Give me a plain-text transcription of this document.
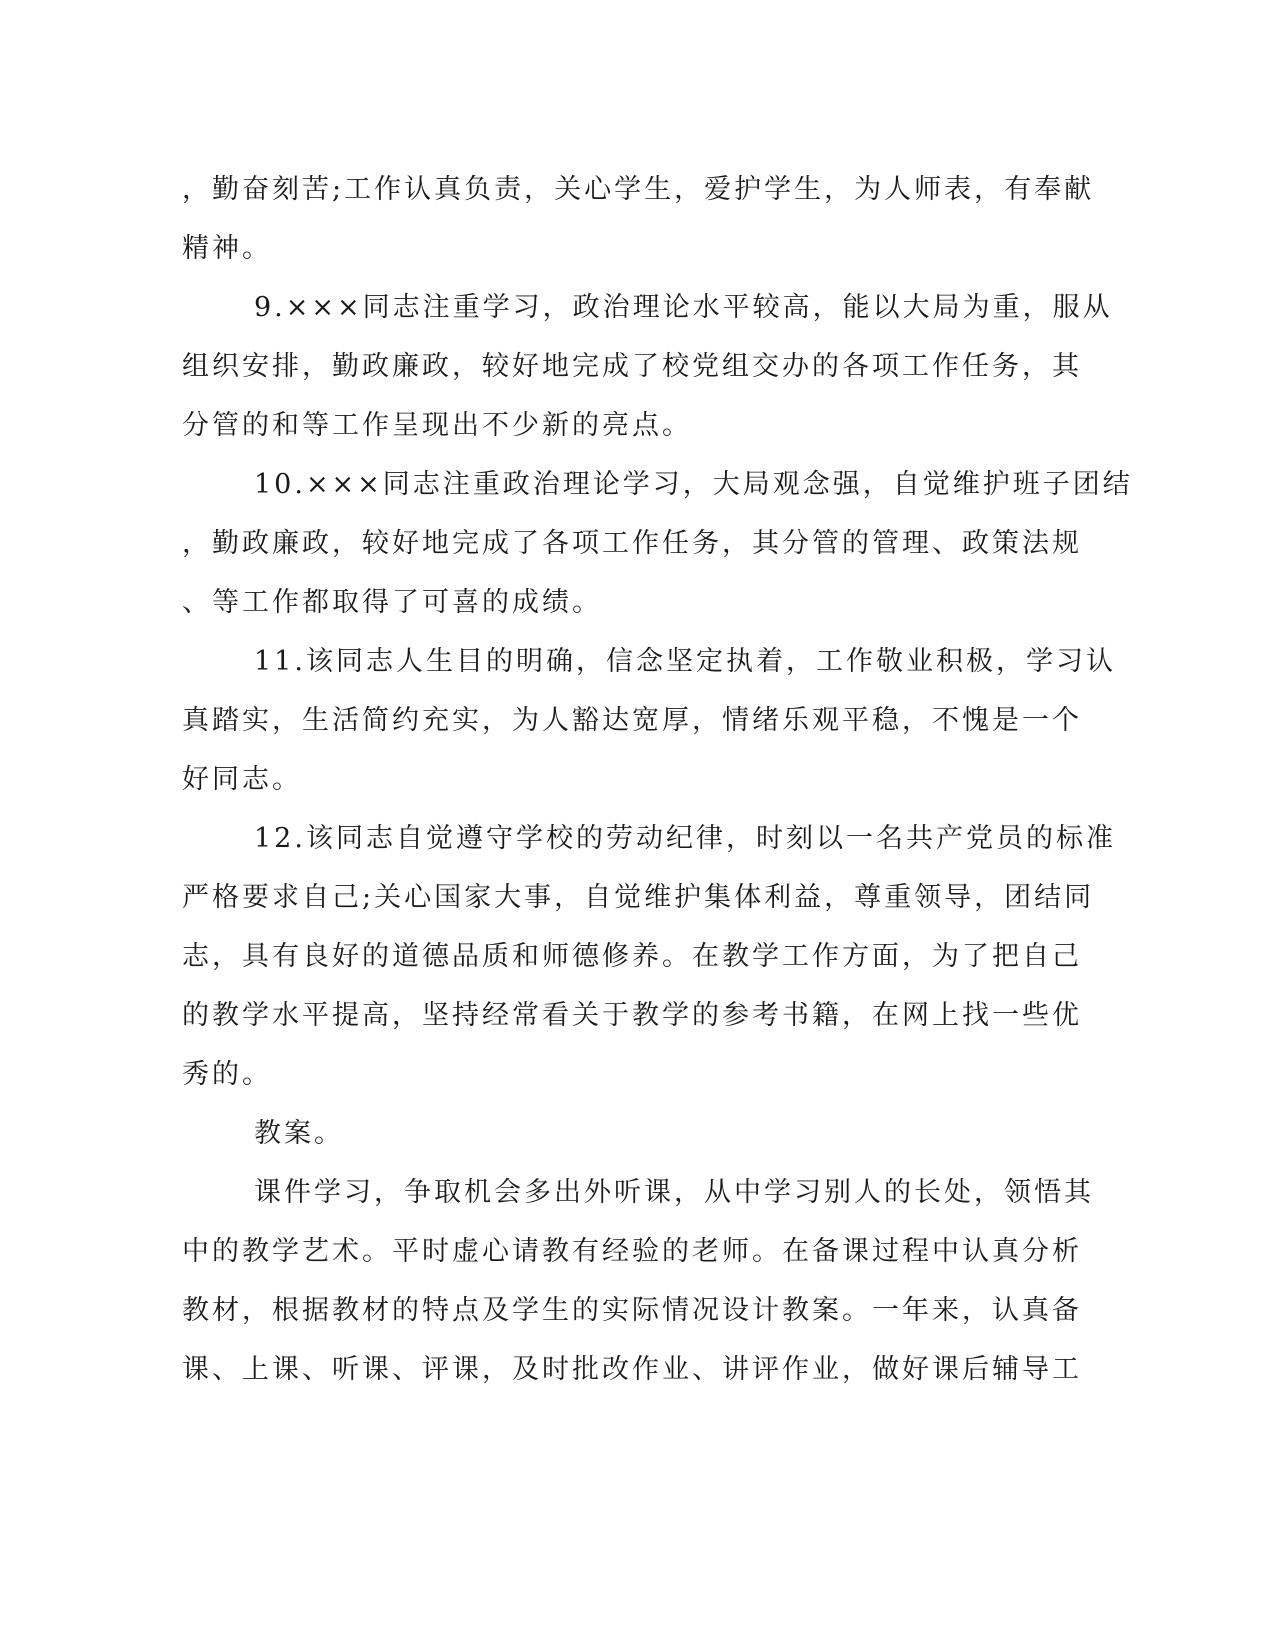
，勤奋刻苦;工作认真负责，关心学生，爱护学生，为人师表，有奉献
精神。
9.×××同志注重学习，政治理论水平较高，能以大局为重，服从
组织安排，勤政廉政，较好地完成了校党组交办的各项工作任务，其
分管的和等工作呈现出不少新的亮点。
10.×××同志注重政治理论学习，大局观念强，自觉维护班子团结
，勤政廉政，较好地完成了各项工作任务，其分管的管理、政策法规
、等工作都取得了可喜的成绩。
11.该同志人生目的明确，信念坚定执着，工作敬业积极，学习认
真踏实，生活简约充实，为人豁达宽厚，情绪乐观平稳，不愧是一个
好同志。
12.该同志自觉遵守学校的劳动纪律，时刻以一名共产党员的标准
严格要求自己;关心国家大事，自觉维护集体利益，尊重领导，团结同
志，具有良好的道德品质和师德修养。在教学工作方面，为了把自己
的教学水平提高，坚持经常看关于教学的参考书籍，在网上找一些优
秀的。
教案。
课件学习，争取机会多出外听课，从中学习别人的长处，领悟其
中的教学艺术。平时虚心请教有经验的老师。在备课过程中认真分析
教材，根据教材的特点及学生的实际情况设计教案。一年来，认真备
课、上课、听课、评课，及时批改作业、讲评作业，做好课后辅导工
